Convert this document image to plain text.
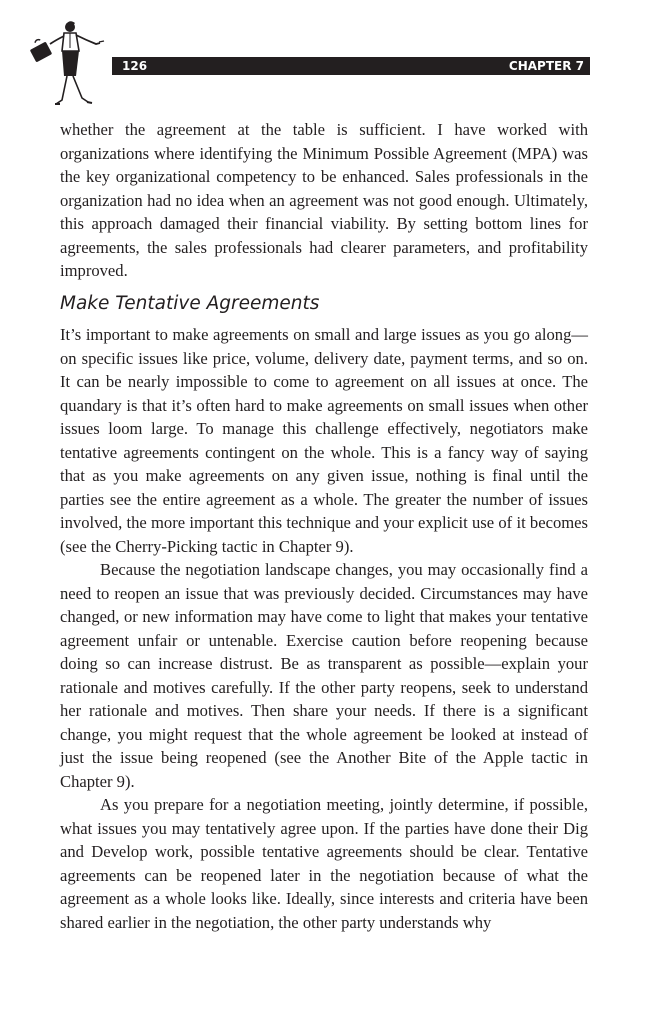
126	CHAPTER 7

whether the agreement at the table is sufficient. I have worked with organizations where identifying the Minimum Possible Agreement (MPA) was the key organizational competency to be enhanced. Sales professionals in the organization had no idea when an agreement was not good enough. Ultimately, this approach damaged their financial viability. By setting bottom lines for agreements, the sales professionals had clearer parameters, and profitability improved.

Make Tentative Agreements

It’s important to make agreements on small and large issues as you go along—on specific issues like price, volume, delivery date, payment terms, and so on. It can be nearly impossible to come to agreement on all issues at once. The quandary is that it’s often hard to make agreements on small issues when other issues loom large. To manage this challenge effectively, negotiators make tentative agreements contingent on the whole. This is a fancy way of saying that as you make agreements on any given issue, nothing is final until the parties see the entire agreement as a whole. The greater the number of issues involved, the more important this technique and your explicit use of it becomes (see the Cherry-Picking tactic in Chapter 9).

Because the negotiation landscape changes, you may occasionally find a need to reopen an issue that was previously decided. Circumstances may have changed, or new information may have come to light that makes your tentative agreement unfair or untenable. Exercise caution before reopening because doing so can increase distrust. Be as transparent as possible—explain your rationale and motives carefully. If the other party reopens, seek to understand her rationale and motives. Then share your needs. If there is a significant change, you might request that the whole agreement be looked at instead of just the issue being reopened (see the Another Bite of the Apple tactic in Chapter 9).

As you prepare for a negotiation meeting, jointly determine, if possible, what issues you may tentatively agree upon. If the parties have done their Dig and Develop work, possible tentative agreements should be clear. Tentative agreements can be reopened later in the negotiation because of what the agreement as a whole looks like. Ideally, since interests and criteria have been shared earlier in the negotiation, the other party understands why
